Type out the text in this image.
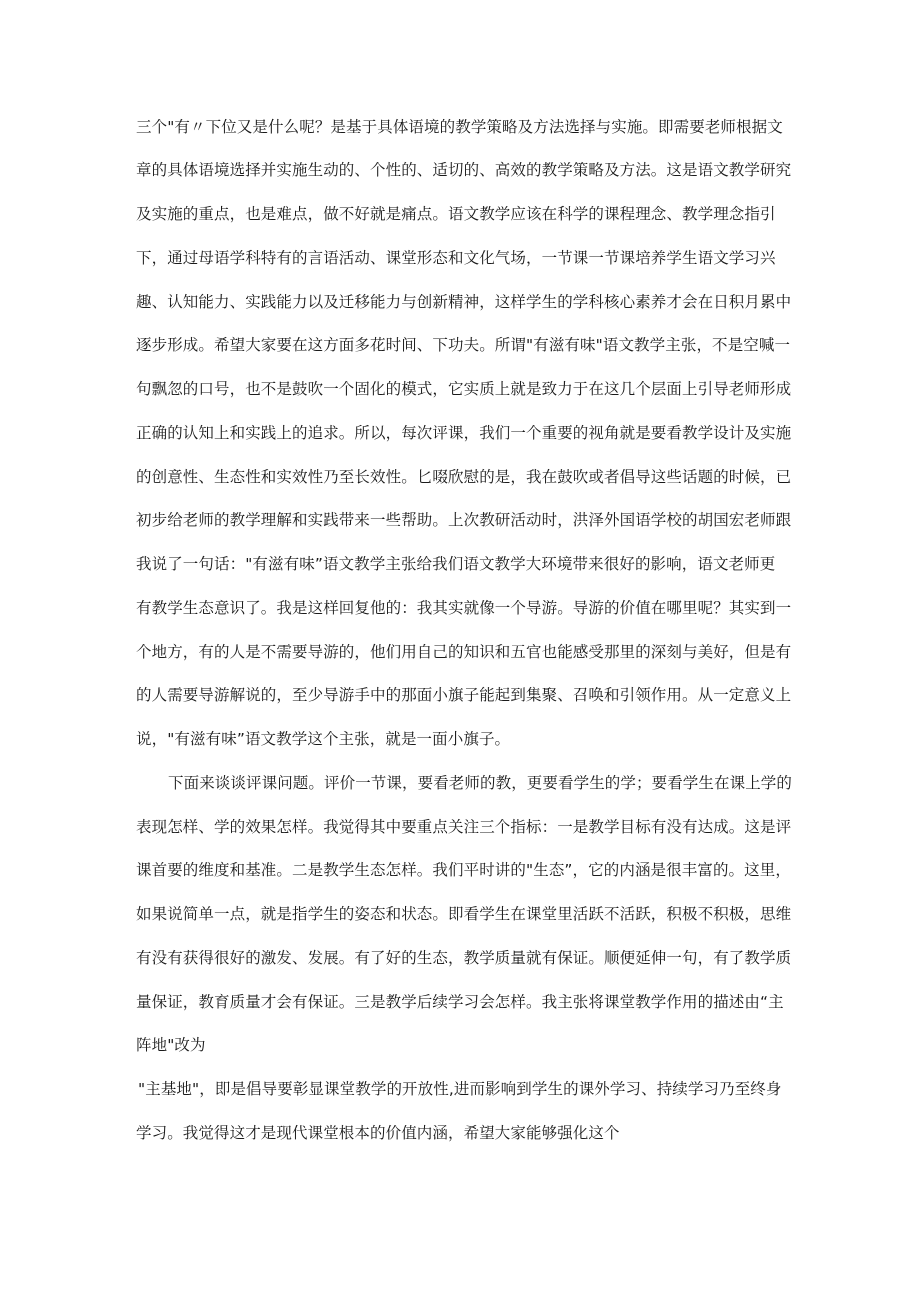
三个"有〃下位又是什么呢？是基于具体语境的教学策略及方法选择与实施。即需要老师根据文
章的具体语境选择并实施生动的、个性的、适切的、高效的教学策略及方法。这是语文教学研究
及实施的重点，也是难点，做不好就是痛点。语文教学应该在科学的课程理念、教学理念指引
下，通过母语学科特有的言语活动、课堂形态和文化气场，一节课一节课培养学生语文学习兴
趣、认知能力、实践能力以及迁移能力与创新精神，这样学生的学科核心素养才会在日积月累中
逐步形成。希望大家要在这方面多花时间、下功夫。所谓"有滋有味"语文教学主张，不是空喊一
句飘忽的口号，也不是鼓吹一个固化的模式，它实质上就是致力于在这几个层面上引导老师形成
正确的认知上和实践上的追求。所以，每次评课，我们一个重要的视角就是要看教学设计及实施
的创意性、生态性和实效性乃至长效性。匕啜欣慰的是，我在鼓吹或者倡导这些话题的时候，已
初步给老师的教学理解和实践带来一些帮助。上次教研活动时，洪泽外国语学校的胡国宏老师跟
我说了一句话："有滋有味”语文教学主张给我们语文教学大环境带来很好的影响，语文老师更
有教学生态意识了。我是这样回复他的：我其实就像一个导游。导游的价值在哪里呢？其实到一
个地方，有的人是不需要导游的，他们用自己的知识和五官也能感受那里的深刻与美好，但是有
的人需要导游解说的，至少导游手中的那面小旗子能起到集聚、召唤和引领作用。从一定意义上
说，"有滋有味”语文教学这个主张，就是一面小旗子。
下面来谈谈评课问题。评价一节课，要看老师的教，更要看学生的学；要看学生在课上学的
表现怎样、学的效果怎样。我觉得其中要重点关注三个指标：一是教学目标有没有达成。这是评
课首要的维度和基准。二是教学生态怎样。我们平时讲的"生态”，它的内涵是很丰富的。这里，
如果说简单一点，就是指学生的姿态和状态。即看学生在课堂里活跃不活跃，积极不积极，思维
有没有获得很好的激发、发展。有了好的生态，教学质量就有保证。顺便延伸一句，有了教学质
量保证，教育质量才会有保证。三是教学后续学习会怎样。我主张将课堂教学作用的描述由“主
阵地"改为
"主基地"，即是倡导要彰显课堂教学的开放性,进而影响到学生的课外学习、持续学习乃至终身
学习。我觉得这才是现代课堂根本的价值内涵，希望大家能够强化这个
